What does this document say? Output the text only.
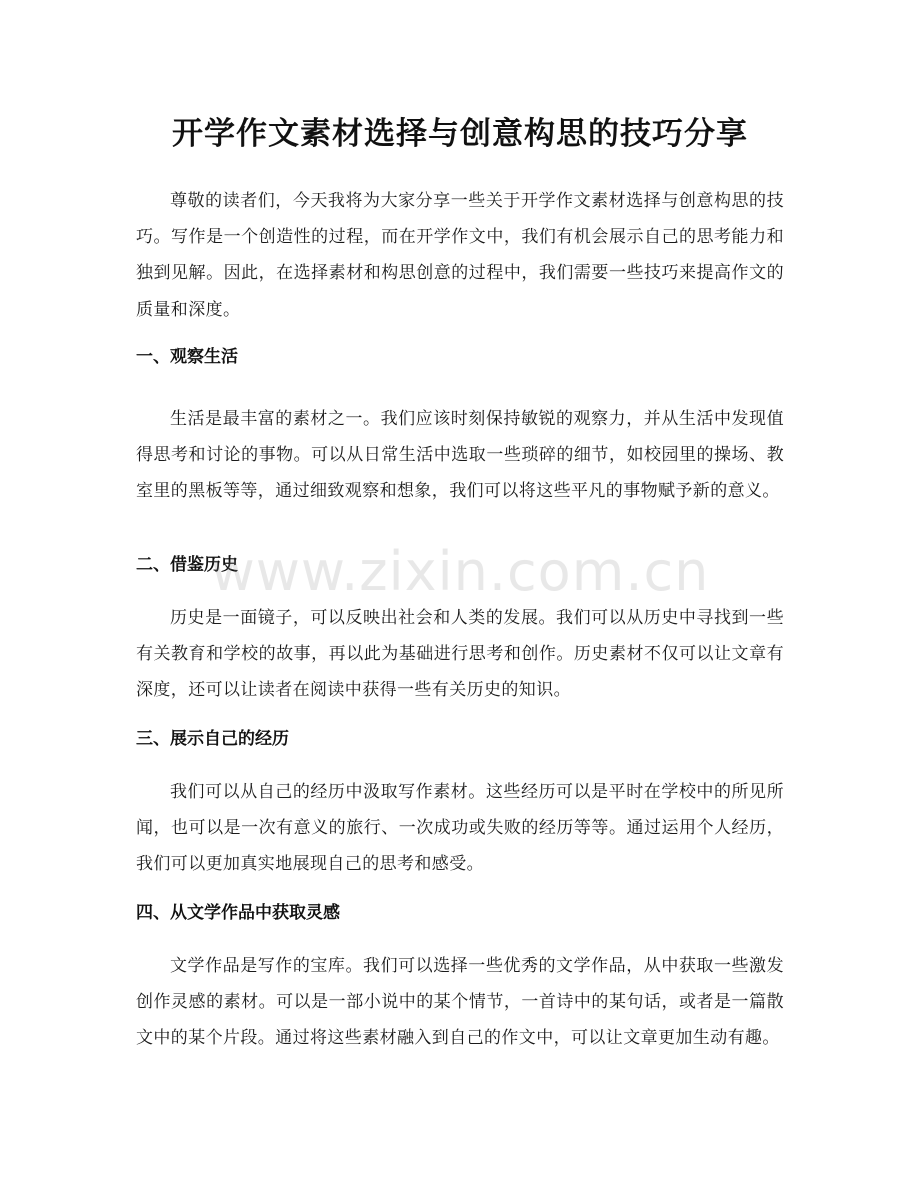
开学作文素材选择与创意构思的技巧分享

尊敬的读者们，今天我将为大家分享一些关于开学作文素材选择与创意构思的技巧。写作是一个创造性的过程，而在开学作文中，我们有机会展示自己的思考能力和独到见解。因此，在选择素材和构思创意的过程中，我们需要一些技巧来提高作文的质量和深度。

一、观察生活

生活是最丰富的素材之一。我们应该时刻保持敏锐的观察力，并从生活中发现值得思考和讨论的事物。可以从日常生活中选取一些琐碎的细节，如校园里的操场、教室里的黑板等等，通过细致观察和想象，我们可以将这些平凡的事物赋予新的意义。

二、借鉴历史

历史是一面镜子，可以反映出社会和人类的发展。我们可以从历史中寻找到一些有关教育和学校的故事，再以此为基础进行思考和创作。历史素材不仅可以让文章有深度，还可以让读者在阅读中获得一些有关历史的知识。

三、展示自己的经历

我们可以从自己的经历中汲取写作素材。这些经历可以是平时在学校中的所见所闻，也可以是一次有意义的旅行、一次成功或失败的经历等等。通过运用个人经历，我们可以更加真实地展现自己的思考和感受。

四、从文学作品中获取灵感

文学作品是写作的宝库。我们可以选择一些优秀的文学作品，从中获取一些激发创作灵感的素材。可以是一部小说中的某个情节，一首诗中的某句话，或者是一篇散文中的某个片段。通过将这些素材融入到自己的作文中，可以让文章更加生动有趣。

www.zixin.com.cn
